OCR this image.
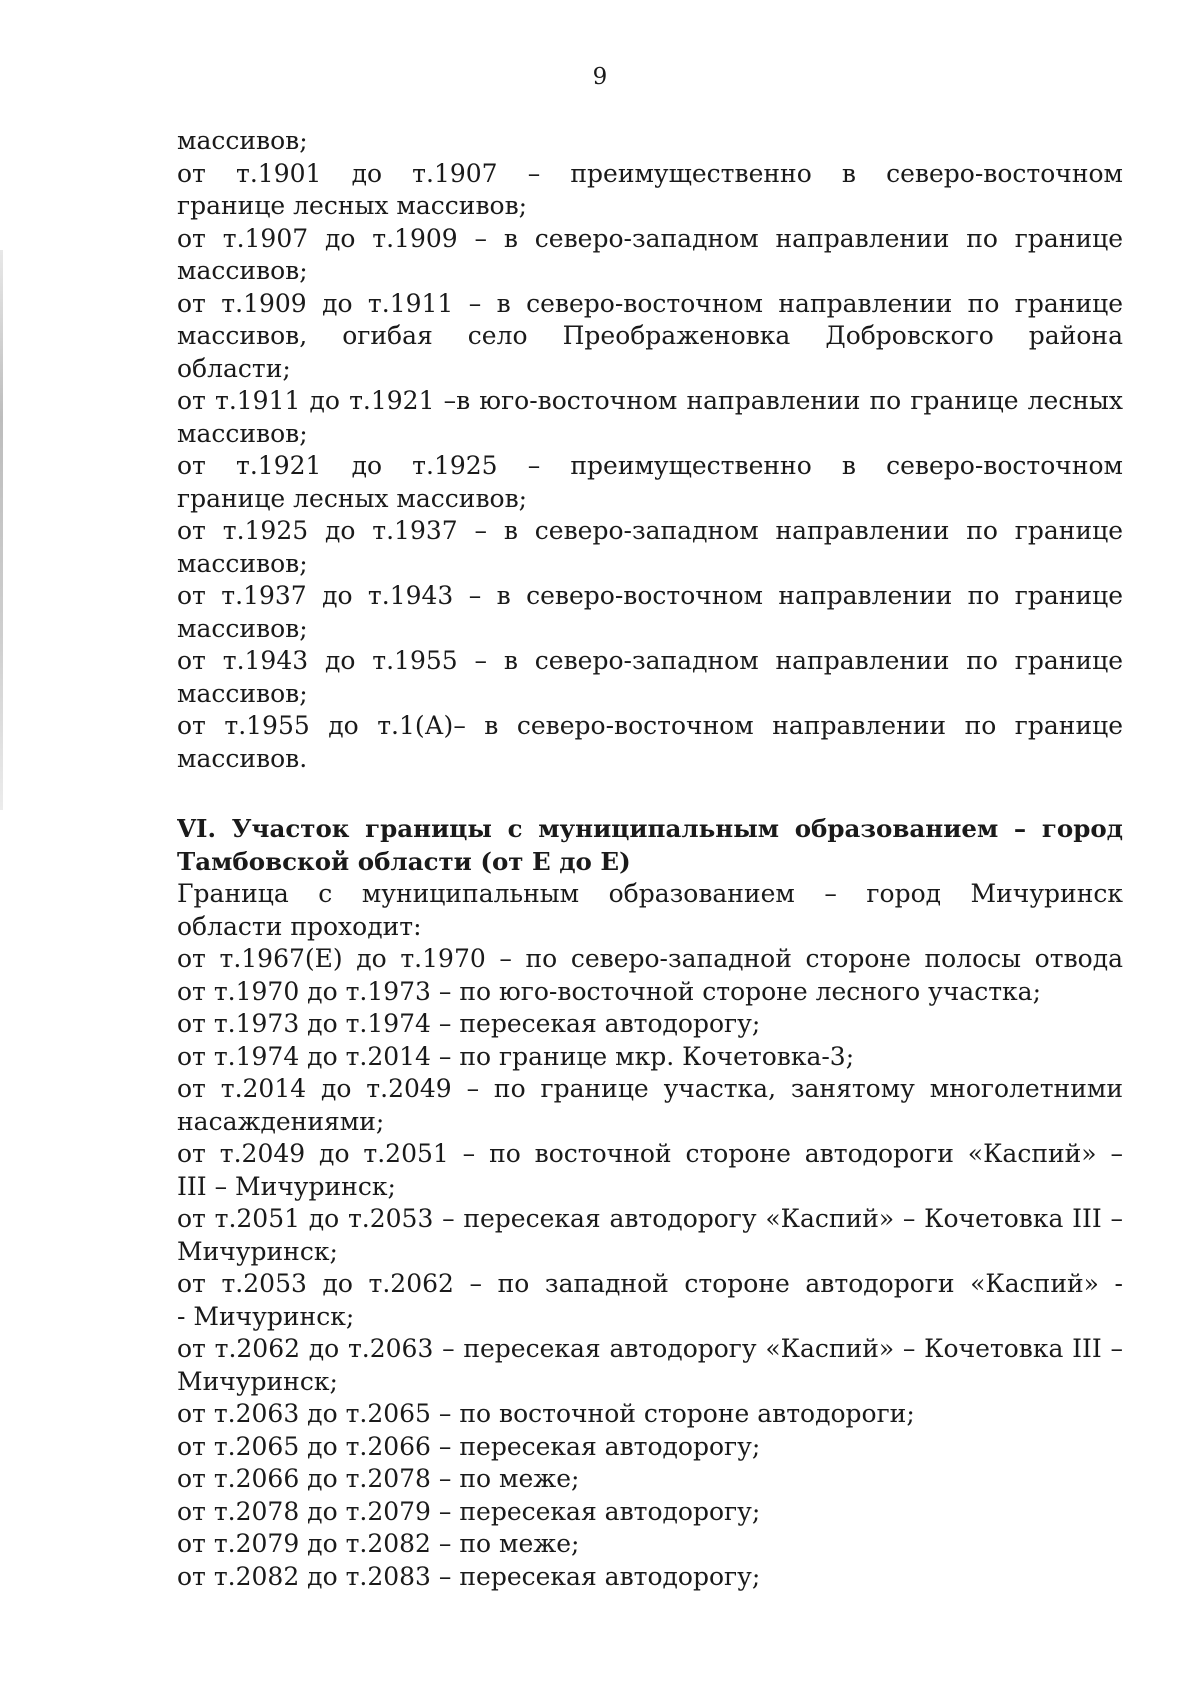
9
массивов;
от т.1901 до т.1907 – преимущественно в северо-восточном
границе лесных массивов;
от т.1907 до т.1909 – в северо-западном направлении по границе
массивов;
от т.1909 до т.1911 – в северо-восточном направлении по границе
массивов, огибая село Преображеновка Добровского района
области;
от т.1911 до т.1921 –в юго-восточном направлении по границе лесных
массивов;
от т.1921 до т.1925 – преимущественно в северо-восточном
границе лесных массивов;
от т.1925 до т.1937 – в северо-западном направлении по границе
массивов;
от т.1937 до т.1943 – в северо-восточном направлении по границе
массивов;
от т.1943 до т.1955 – в северо-западном направлении по границе
массивов;
от т.1955 до т.1(А)– в северо-восточном направлении по границе
массивов.
VI. Участок границы с муниципальным образованием – город
Тамбовской области (от Е до Е)
Граница с муниципальным образованием – город Мичуринск
области проходит:
от т.1967(Е) до т.1970 – по северо-западной стороне полосы отвода
от т.1970 до т.1973 – по юго-восточной стороне лесного участка;
от т.1973 до т.1974 – пересекая автодорогу;
от т.1974 до т.2014 – по границе мкр. Кочетовка-3;
от т.2014 до т.2049 – по границе участка, занятому многолетними
насаждениями;
от т.2049 до т.2051 – по восточной стороне автодороги «Каспий» –
III – Мичуринск;
от т.2051 до т.2053 – пересекая автодорогу «Каспий» – Кочетовка III –
Мичуринск;
от т.2053 до т.2062 – по западной стороне автодороги «Каспий» -
- Мичуринск;
от т.2062 до т.2063 – пересекая автодорогу «Каспий» – Кочетовка III –
Мичуринск;
от т.2063 до т.2065 – по восточной стороне автодороги;
от т.2065 до т.2066 – пересекая автодорогу;
от т.2066 до т.2078 – по меже;
от т.2078 до т.2079 – пересекая автодорогу;
от т.2079 до т.2082 – по меже;
от т.2082 до т.2083 – пересекая автодорогу;
